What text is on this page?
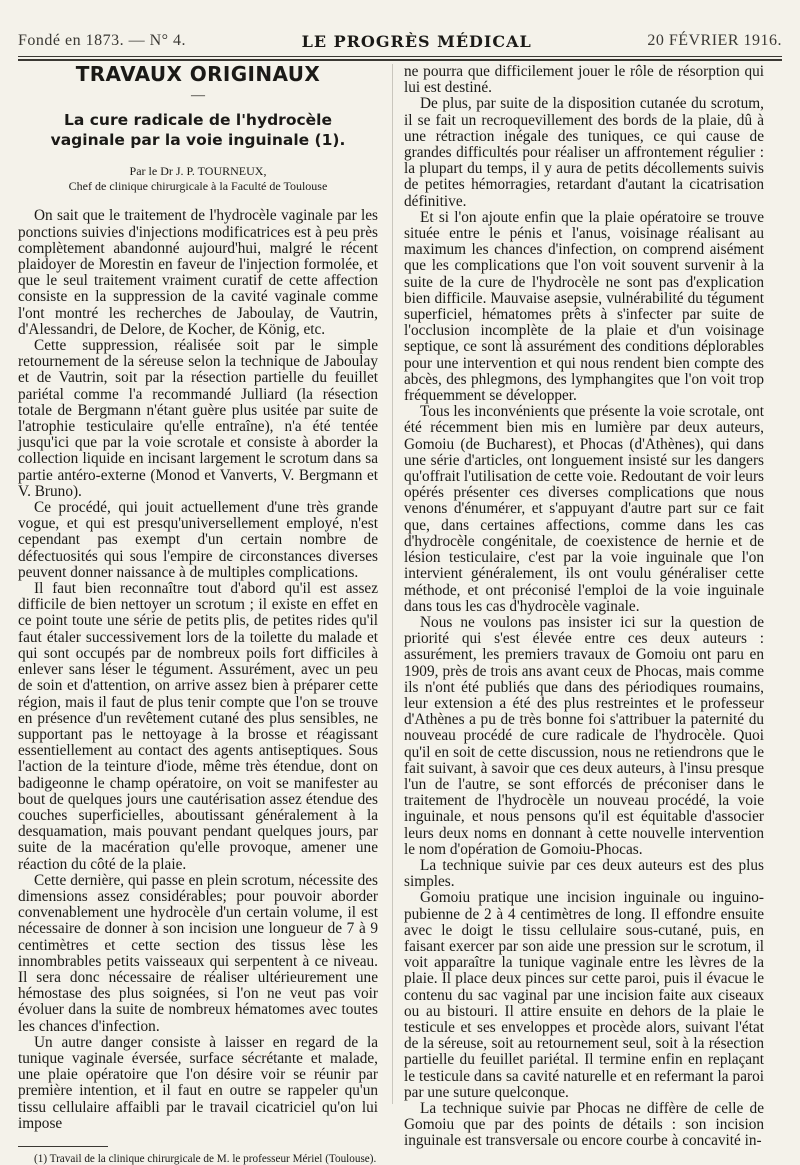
Fondé en 1873. — N° 4.	LE PROGRÈS MÉDICAL	20 FÉVRIER 1916.
TRAVAUX ORIGINAUX
—
La cure radicale de l'hydrocèle vaginale par la voie inguinale (1).
Par le Dr J. P. TOURNEUX,
Chef de clinique chirurgicale à la Faculté de Toulouse

On sait que le traitement de l'hydrocèle vaginale par les ponctions suivies d'injections modificatrices est à peu près complètement abandonné aujourd'hui, malgré le récent plaidoyer de Morestin en faveur de l'injection formolée, et que le seul traitement vraiment curatif de cette affection consiste en la suppression de la cavité vaginale comme l'ont montré les recherches de Jaboulay, de Vautrin, d'Alessandri, de Delore, de Kocher, de König, etc.

Cette suppression, réalisée soit par le simple retournement de la séreuse selon la technique de Jaboulay et de Vautrin, soit par la résection partielle du feuillet pariétal comme l'a recommandé Julliard (la résection totale de Bergmann n'étant guère plus usitée par suite de l'atrophie testiculaire qu'elle entraîne), n'a été tentée jusqu'ici que par la voie scrotale et consiste à aborder la collection liquide en incisant largement le scrotum dans sa partie antéro-externe (Monod et Vanverts, V. Bergmann et V. Bruno).

Ce procédé, qui jouit actuellement d'une très grande vogue, et qui est presqu'universellement employé, n'est cependant pas exempt d'un certain nombre de défectuosités qui sous l'empire de circonstances diverses peuvent donner naissance à de multiples complications.

Il faut bien reconnaître tout d'abord qu'il est assez difficile de bien nettoyer un scrotum ; il existe en effet en ce point toute une série de petits plis, de petites rides qu'il faut étaler successivement lors de la toilette du malade et qui sont occupés par de nombreux poils fort difficiles à enlever sans léser le tégument. Assurément, avec un peu de soin et d'attention, on arrive assez bien à préparer cette région, mais il faut de plus tenir compte que l'on se trouve en présence d'un revêtement cutané des plus sensibles, ne supportant pas le nettoyage à la brosse et réagissant essentiellement au contact des agents antiseptiques. Sous l'action de la teinture d'iode, même très étendue, dont on badigeonne le champ opératoire, on voit se manifester au bout de quelques jours une cautérisation assez étendue des couches superficielles, aboutissant généralement à la desquamation, mais pouvant pendant quelques jours, par suite de la macération qu'elle provoque, amener une réaction du côté de la plaie.

Cette dernière, qui passe en plein scrotum, nécessite des dimensions assez considérables; pour pouvoir aborder convenablement une hydrocèle d'un certain volume, il est nécessaire de donner à son incision une longueur de 7 à 9 centimètres et cette section des tissus lèse les innombrables petits vaisseaux qui serpentent à ce niveau. Il sera donc nécessaire de réaliser ultérieurement une hémostase des plus soignées, si l'on ne veut pas voir évoluer dans la suite de nombreux hématomes avec toutes les chances d'infection.

Un autre danger consiste à laisser en regard de la tunique vaginale éversée, surface sécrétante et malade, une plaie opératoire que l'on désire voir se réunir par première intention, et il faut en outre se rappeler qu'un tissu cellulaire affaibli par le travail cicatriciel qu'on lui impose

(1) Travail de la clinique chirurgicale de M. le professeur Mériel (Toulouse).

ne pourra que difficilement jouer le rôle de résorption qui lui est destiné.

De plus, par suite de la disposition cutanée du scrotum, il se fait un recroquevillement des bords de la plaie, dû à une rétraction inégale des tuniques, ce qui cause de grandes difficultés pour réaliser un affrontement régulier : la plupart du temps, il y aura de petits décollements suivis de petites hémorragies, retardant d'autant la cicatrisation définitive.

Et si l'on ajoute enfin que la plaie opératoire se trouve située entre le pénis et l'anus, voisinage réalisant au maximum les chances d'infection, on comprend aisément que les complications que l'on voit souvent survenir à la suite de la cure de l'hydrocèle ne sont pas d'explication bien difficile. Mauvaise asepsie, vulnérabilité du tégument superficiel, hématomes prêts à s'infecter par suite de l'occlusion incomplète de la plaie et d'un voisinage septique, ce sont là assurément des conditions déplorables pour une intervention et qui nous rendent bien compte des abcès, des phlegmons, des lymphangites que l'on voit trop fréquemment se développer.

Tous les inconvénients que présente la voie scrotale, ont été récemment bien mis en lumière par deux auteurs, Gomoiu (de Bucharest), et Phocas (d'Athènes), qui dans une série d'articles, ont longuement insisté sur les dangers qu'offrait l'utilisation de cette voie. Redoutant de voir leurs opérés présenter ces diverses complications que nous venons d'énumérer, et s'appuyant d'autre part sur ce fait que, dans certaines affections, comme dans les cas d'hydrocèle congénitale, de coexistence de hernie et de lésion testiculaire, c'est par la voie inguinale que l'on intervient généralement, ils ont voulu généraliser cette méthode, et ont préconisé l'emploi de la voie inguinale dans tous les cas d'hydrocèle vaginale.

Nous ne voulons pas insister ici sur la question de priorité qui s'est élevée entre ces deux auteurs : assurément, les premiers travaux de Gomoiu ont paru en 1909, près de trois ans avant ceux de Phocas, mais comme ils n'ont été publiés que dans des périodiques roumains, leur extension a été des plus restreintes et le professeur d'Athènes a pu de très bonne foi s'attribuer la paternité du nouveau procédé de cure radicale de l'hydrocèle. Quoi qu'il en soit de cette discussion, nous ne retiendrons que le fait suivant, à savoir que ces deux auteurs, à l'insu presque l'un de l'autre, se sont efforcés de préconiser dans le traitement de l'hydrocèle un nouveau procédé, la voie inguinale, et nous pensons qu'il est équitable d'associer leurs deux noms en donnant à cette nouvelle intervention le nom d'opération de Gomoiu-Phocas.

La technique suivie par ces deux auteurs est des plus simples.

Gomoiu pratique une incision inguinale ou inguino-pubienne de 2 à 4 centimètres de long. Il effondre ensuite avec le doigt le tissu cellulaire sous-cutané, puis, en faisant exercer par son aide une pression sur le scrotum, il voit apparaître la tunique vaginale entre les lèvres de la plaie. Il place deux pinces sur cette paroi, puis il évacue le contenu du sac vaginal par une incision faite aux ciseaux ou au bistouri. Il attire ensuite en dehors de la plaie le testicule et ses enveloppes et procède alors, suivant l'état de la séreuse, soit au retournement seul, soit à la résection partielle du feuillet pariétal. Il termine enfin en replaçant le testicule dans sa cavité naturelle et en refermant la paroi par une suture quelconque.

La technique suivie par Phocas ne diffère de celle de Gomoiu que par des points de détails : son incision inguinale est transversale ou encore courbe à concavité in-
